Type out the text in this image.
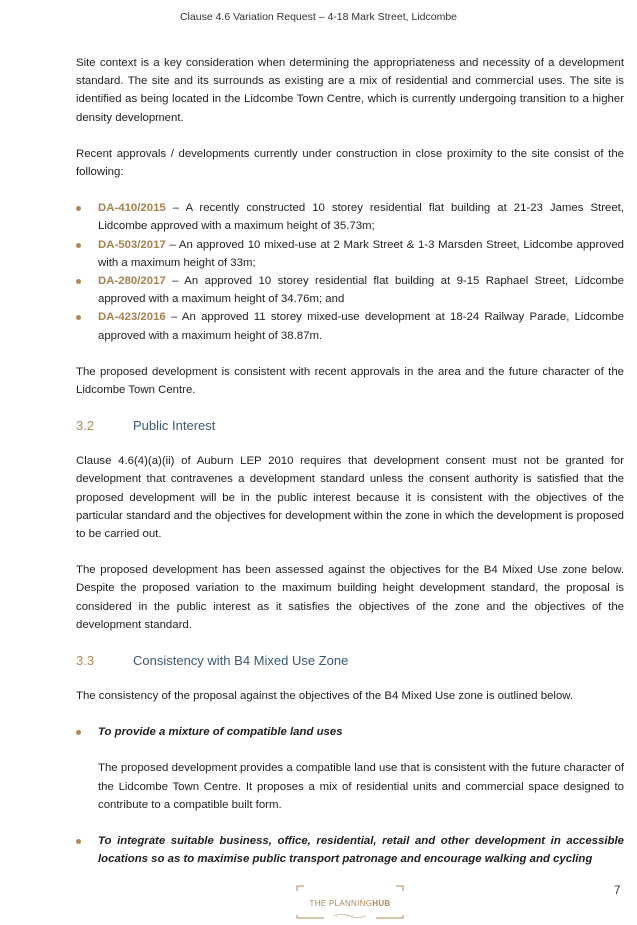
Clause 4.6 Variation Request – 4-18 Mark Street, Lidcombe

Site context is a key consideration when determining the appropriateness and necessity of a development standard. The site and its surrounds as existing are a mix of residential and commercial uses. The site is identified as being located in the Lidcombe Town Centre, which is currently undergoing transition to a higher density development.

Recent approvals / developments currently under construction in close proximity to the site consist of the following:

DA-410/2015 – A recently constructed 10 storey residential flat building at 21-23 James Street, Lidcombe approved with a maximum height of 35.73m;
DA-503/2017 – An approved 10 mixed-use at 2 Mark Street & 1-3 Marsden Street, Lidcombe approved with a maximum height of 33m;
DA-280/2017 – An approved 10 storey residential flat building at 9-15 Raphael Street, Lidcombe approved with a maximum height of 34.76m; and
DA-423/2016 – An approved 11 storey mixed-use development at 18-24 Railway Parade, Lidcombe approved with a maximum height of 38.87m.

The proposed development is consistent with recent approvals in the area and the future character of the Lidcombe Town Centre.

3.2	Public Interest

Clause 4.6(4)(a)(ii) of Auburn LEP 2010 requires that development consent must not be granted for development that contravenes a development standard unless the consent authority is satisfied that the proposed development will be in the public interest because it is consistent with the objectives of the particular standard and the objectives for development within the zone in which the development is proposed to be carried out.

The proposed development has been assessed against the objectives for the B4 Mixed Use zone below. Despite the proposed variation to the maximum building height development standard, the proposal is considered in the public interest as it satisfies the objectives of the zone and the objectives of the development standard.

3.3	Consistency with B4 Mixed Use Zone

The consistency of the proposal against the objectives of the B4 Mixed Use zone is outlined below.

To provide a mixture of compatible land uses

The proposed development provides a compatible land use that is consistent with the future character of the Lidcombe Town Centre. It proposes a mix of residential units and commercial space designed to contribute to a compatible built form.

To integrate suitable business, office, residential, retail and other development in accessible locations so as to maximise public transport patronage and encourage walking and cycling

THE PLANNINGHUB
7
